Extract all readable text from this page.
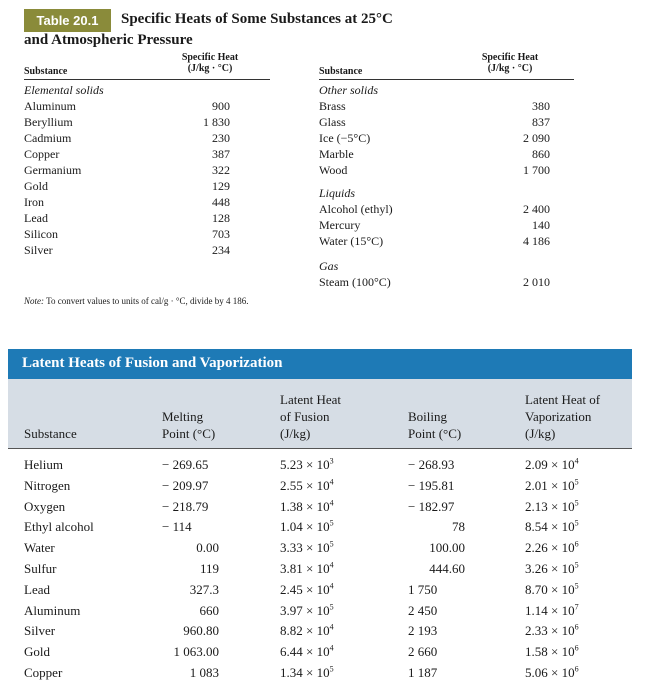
Table 20.1	Specific Heats of Some Substances at 25°C
and Atmospheric Pressure
Substance
Specific Heat
(J/kg · °C)	Substance
Specific Heat
(J/kg · °C)
Elemental solids
Aluminum	900
Beryllium	1 830
Cadmium	230
Copper	387
Germanium	322
Gold	129
Iron	448
Lead	128
Silicon	703
Silver	234
Other solids
Brass	380
Glass	837
Ice (−5°C)	2 090
Marble	860
Wood	1 700
Liquids
Alcohol (ethyl)	2 400
Mercury	140
Water (15°C)	4 186
Gas
Steam (100°C)	2 010
Note: To convert values to units of cal/g · °C, divide by 4 186.
Latent Heats of Fusion and Vaporization
Substance
Melting
Point (°C)
Latent Heat
of Fusion
(J/kg)
Boiling
Point (°C)
Latent Heat of
Vaporization
(J/kg)
Helium	− 269.65	$5.23 \times 10^3$	− 268.93	$2.09 \times 10^4$
Nitrogen	− 209.97	$2.55 \times 10^4$	− 195.81	$2.01 \times 10^5$
Oxygen	− 218.79	$1.38 \times 10^4$	− 182.97	$2.13 \times 10^5$
Ethyl alcohol	− 114	$1.04 \times 10^5$	78	$8.54 \times 10^5$
Water	0.00	$3.33 \times 10^5$	100.00	$2.26 \times 10^6$
Sulfur	119	$3.81 \times 10^4$	444.60	$3.26 \times 10^5$
Lead	327.3	$2.45 \times 10^4$	1 750	$8.70 \times 10^5$
Aluminum	660	$3.97 \times 10^5$	2 450	$1.14 \times 10^7$
Silver	960.80	$8.82 \times 10^4$	2 193	$2.33 \times 10^6$
Gold	1 063.00	$6.44 \times 10^4$	2 660	$1.58 \times 10^6$
Copper	1 083	$1.34 \times 10^5$	1 187	$5.06 \times 10^6$
